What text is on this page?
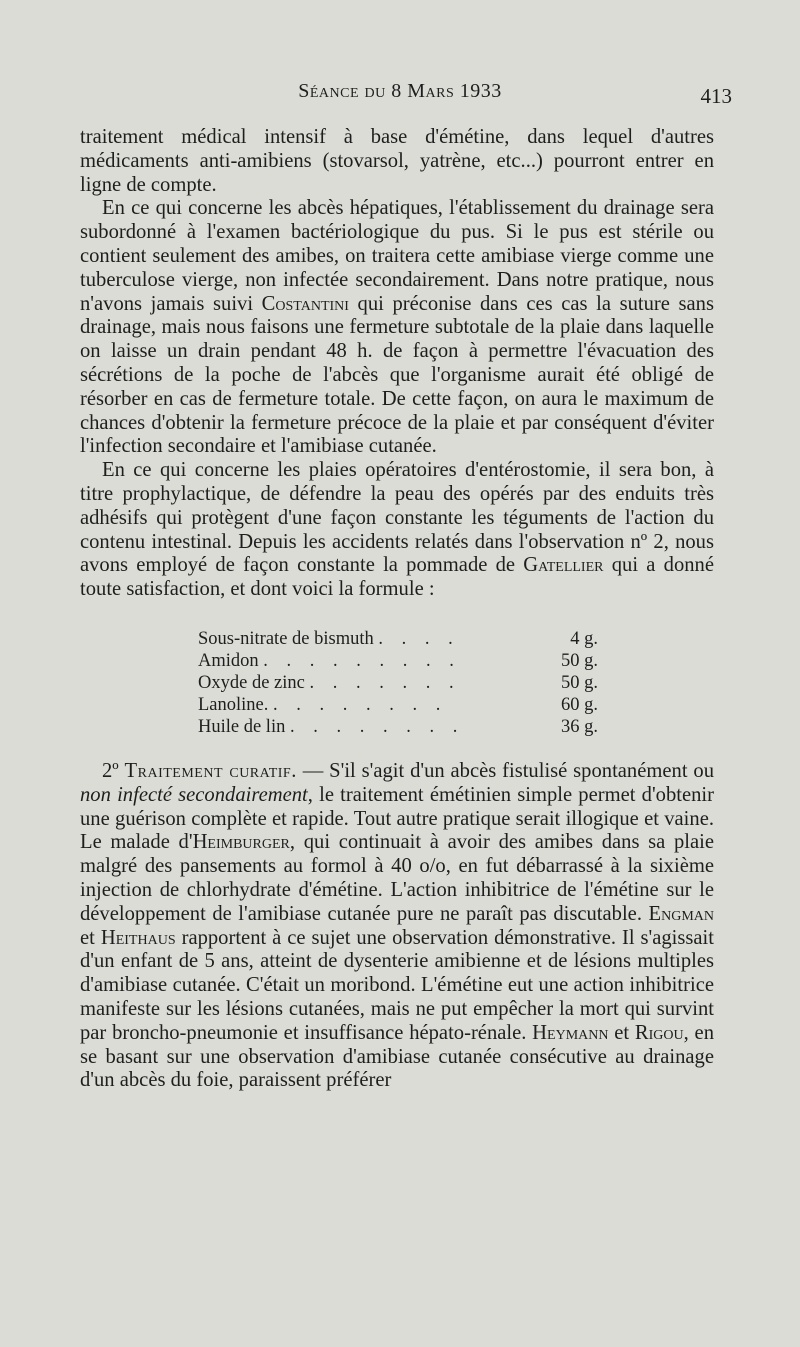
Séance du 8 Mars 1933	413

traitement médical intensif à base d'émétine, dans lequel d'autres médicaments anti-amibiens (stovarsol, yatrène, etc...) pourront entrer en ligne de compte.

En ce qui concerne les abcès hépatiques, l'établissement du drainage sera subordonné à l'examen bactériologique du pus. Si le pus est stérile ou contient seulement des amibes, on traitera cette amibiase vierge comme une tuberculose vierge, non infectée secondairement. Dans notre pratique, nous n'avons jamais suivi Costantini qui préconise dans ces cas la suture sans drainage, mais nous faisons une fermeture subtotale de la plaie dans laquelle on laisse un drain pendant 48 h. de façon à permettre l'évacuation des sécrétions de la poche de l'abcès que l'organisme aurait été obligé de résorber en cas de fermeture totale. De cette façon, on aura le maximum de chances d'obtenir la fermeture précoce de la plaie et par conséquent d'éviter l'infection secondaire et l'amibiase cutanée.

En ce qui concerne les plaies opératoires d'entérostomie, il sera bon, à titre prophylactique, de défendre la peau des opérés par des enduits très adhésifs qui protègent d'une façon constante les téguments de l'action du contenu intestinal. Depuis les accidents relatés dans l'observation nº 2, nous avons employé de façon constante la pommade de Gatellier qui a donné toute satisfaction, et dont voici la formule :

Sous-nitrate de bismuth . . . .	4 g.
Amidon . . . . . . . . .	50 g.
Oxyde de zinc . . . . . . .	50 g.
Lanoline. . . . . . . . .	60 g.
Huile de lin . . . . . . . .	36 g.

2º Traitement curatif. — S'il s'agit d'un abcès fistulisé spontanément ou non infecté secondairement, le traitement émétinien simple permet d'obtenir une guérison complète et rapide. Tout autre pratique serait illogique et vaine. Le malade d'Heimburger, qui continuait à avoir des amibes dans sa plaie malgré des pansements au formol à 40 o/o, en fut débarrassé à la sixième injection de chlorhydrate d'émétine. L'action inhibitrice de l'émétine sur le développement de l'amibiase cutanée pure ne paraît pas discutable. Engman et Heithaus rapportent à ce sujet une observation démonstrative. Il s'agissait d'un enfant de 5 ans, atteint de dysenterie amibienne et de lésions multiples d'amibiase cutanée. C'était un moribond. L'émétine eut une action inhibitrice manifeste sur les lésions cutanées, mais ne put empêcher la mort qui survint par broncho-pneumonie et insuffisance hépato-rénale. Heymann et Rigou, en se basant sur une observation d'amibiase cutanée consécutive au drainage d'un abcès du foie, paraissent préférer
